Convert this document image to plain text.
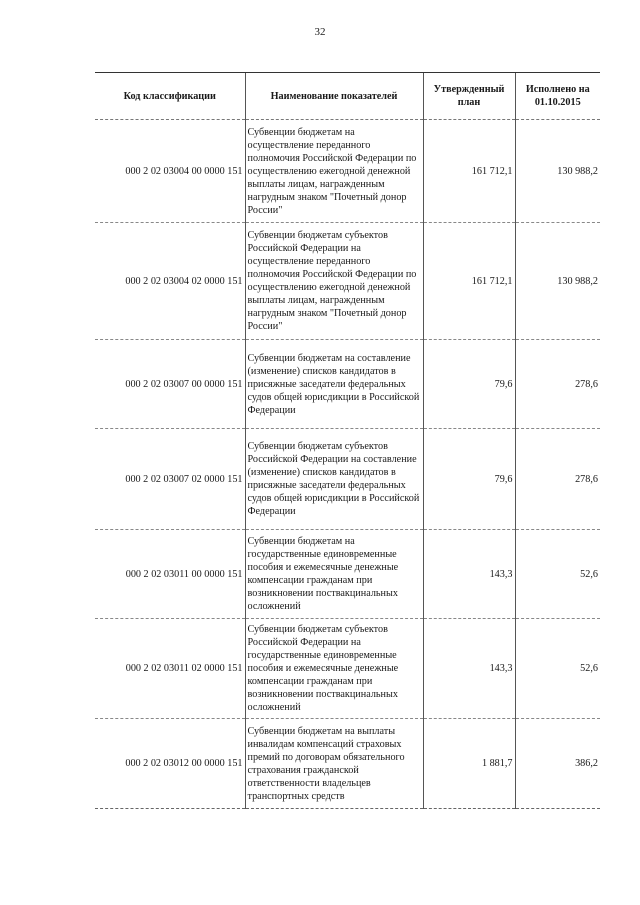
32
Код классификации	Наименование показателей	Утвержденный план	Исполнено на 01.10.2015
000 2 02 03004 00 0000 151	Субвенции бюджетам на осуществление переданного полномочия Российской Федерации по осуществлению ежегодной денежной выплаты лицам, награжденным нагрудным знаком "Почетный донор России"	161 712,1	130 988,2
000 2 02 03004 02 0000 151	Субвенции бюджетам субъектов Российской Федерации на осуществление переданного полномочия Российской Федерации по осуществлению ежегодной денежной выплаты лицам, награжденным нагрудным знаком "Почетный донор России"	161 712,1	130 988,2
000 2 02 03007 00 0000 151	Субвенции бюджетам на составление (изменение) списков кандидатов в присяжные заседатели федеральных судов общей юрисдикции в Российской Федерации	79,6	278,6
000 2 02 03007 02 0000 151	Субвенции бюджетам субъектов Российской Федерации на составление (изменение) списков кандидатов в присяжные заседатели федеральных судов общей юрисдикции в Российской Федерации	79,6	278,6
000 2 02 03011 00 0000 151	Субвенции бюджетам на государственные единовременные пособия и ежемесячные денежные компенсации гражданам при возникновении поствакцинальных осложнений	143,3	52,6
000 2 02 03011 02 0000 151	Субвенции бюджетам субъектов Российской Федерации на государственные единовременные пособия и ежемесячные денежные компенсации гражданам при возникновении поствакцинальных осложнений	143,3	52,6
000 2 02 03012 00 0000 151	Субвенции бюджетам на выплаты инвалидам компенсаций страховых премий по договорам обязательного страхования гражданской ответственности владельцев транспортных средств	1 881,7	386,2
